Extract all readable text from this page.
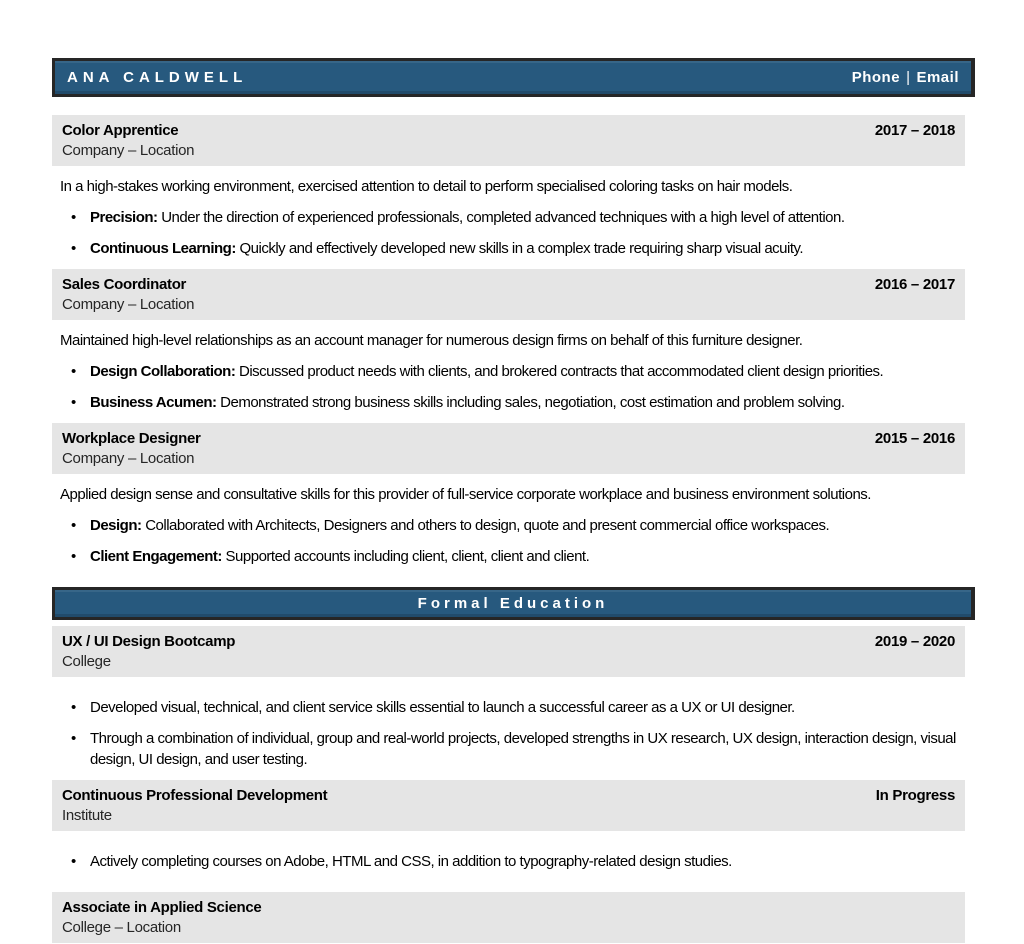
ANA CALDWELL	Phone | Email
Color Apprentice
Company – Location
2017 – 2018
In a high-stakes working environment, exercised attention to detail to perform specialised coloring tasks on hair models.
• Precision: Under the direction of experienced professionals, completed advanced techniques with a high level of attention.
• Continuous Learning: Quickly and effectively developed new skills in a complex trade requiring sharp visual acuity.
Sales Coordinator
Company – Location
2016 – 2017
Maintained high-level relationships as an account manager for numerous design firms on behalf of this furniture designer.
• Design Collaboration: Discussed product needs with clients, and brokered contracts that accommodated client design priorities.
• Business Acumen: Demonstrated strong business skills including sales, negotiation, cost estimation and problem solving.
Workplace Designer
Company – Location
2015 – 2016
Applied design sense and consultative skills for this provider of full-service corporate workplace and business environment solutions.
• Design: Collaborated with Architects, Designers and others to design, quote and present commercial office workspaces.
• Client Engagement: Supported accounts including client, client, client and client.
Formal Education
UX / UI Design Bootcamp
College
2019 – 2020
• Developed visual, technical, and client service skills essential to launch a successful career as a UX or UI designer.
• Through a combination of individual, group and real-world projects, developed strengths in UX research, UX design, interaction design, visual design, UI design, and user testing.
Continuous Professional Development
Institute
In Progress
• Actively completing courses on Adobe, HTML and CSS, in addition to typography-related design studies.
Associate in Applied Science
College – Location
